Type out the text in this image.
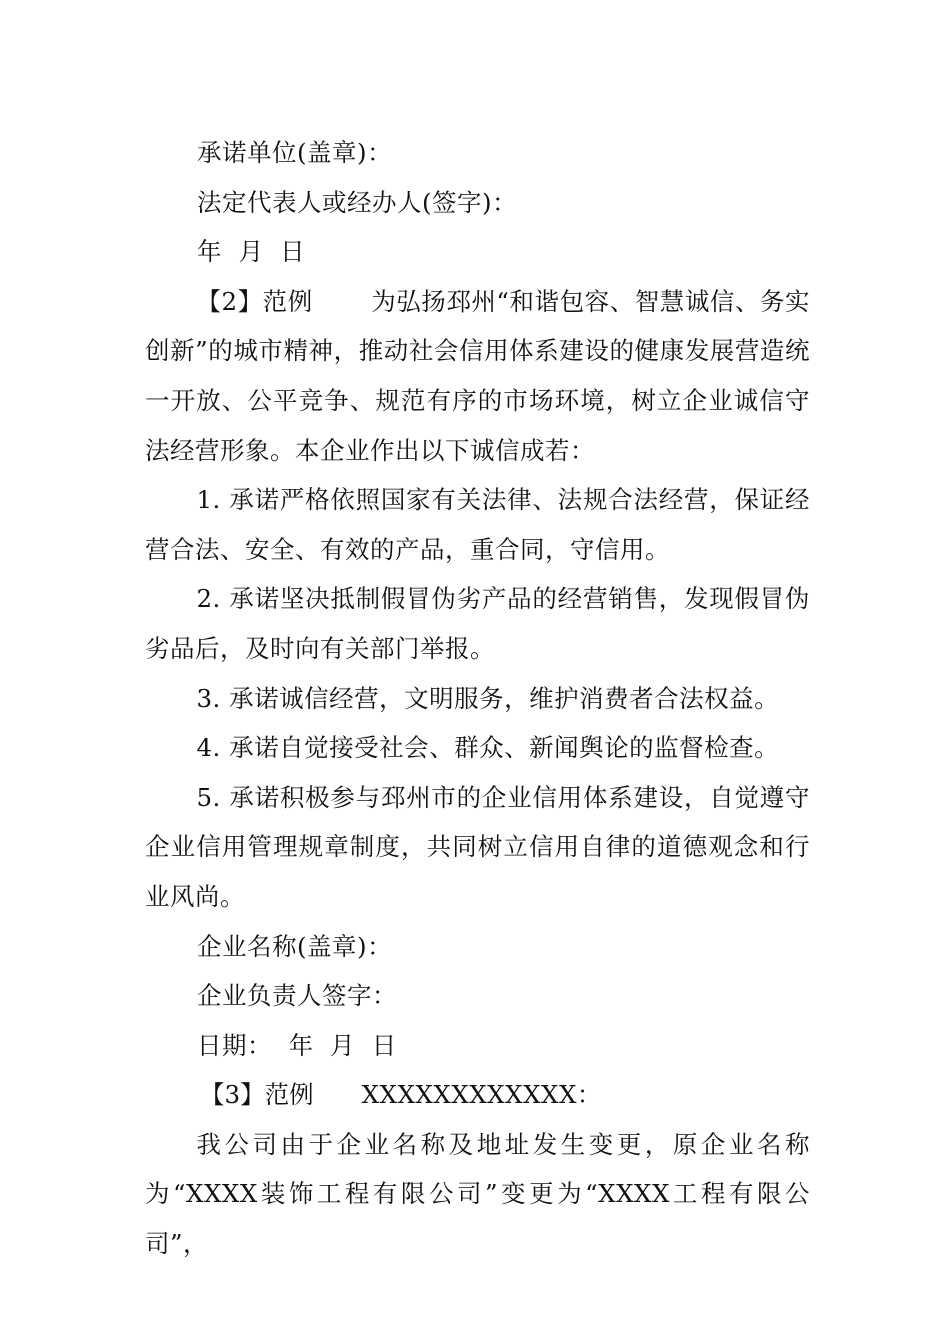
承诺单位(盖章)：

法定代表人或经办人(签字)：

年  月  日

【2】范例　　 为弘扬邳州“和谐包容、智慧诚信、务实创新”的城市精神，推动社会信用体系建设的健康发展营造统一开放、公平竞争、规范有序的市场环境，树立企业诚信守法经营形象。本企业作出以下诚信成若：

1. 承诺严格依照国家有关法律、法规合法经营，保证经营合法、安全、有效的产品，重合同，守信用。

2. 承诺坚决抵制假冒伪劣产品的经营销售，发现假冒伪劣品后，及时向有关部门举报。

3. 承诺诚信经营，文明服务，维护消费者合法权益。

4. 承诺自觉接受社会、群众、新闻舆论的监督检查。

5. 承诺积极参与邳州市的企业信用体系建设，自觉遵守企业信用管理规章制度，共同树立信用自律的道德观念和行业风尚。

企业名称(盖章)：

企业负责人签字：

日期：  年  月  日

【3】范例 XXXXXXXXXXXX：

我公司由于企业名称及地址发生变更，原企业名称为“XXXX装饰工程有限公司”变更为“XXXX工程有限公司”，
